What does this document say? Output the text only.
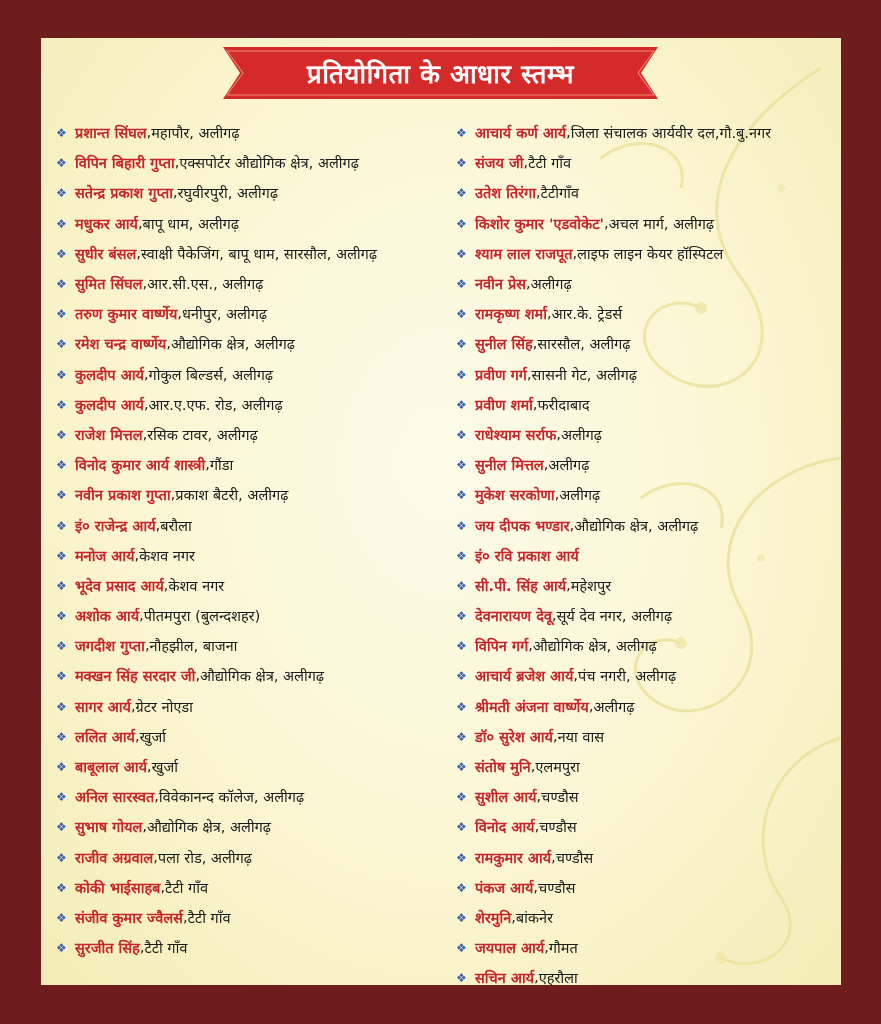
प्रतियोगिता के आधार स्तम्भ
❖ प्रशान्त सिंघल , महापौर, अलीगढ़
❖ विपिन बिहारी गुप्ता , एक्सपोर्टर औद्योगिक क्षेत्र, अलीगढ़
❖ सतेन्द्र प्रकाश गुप्ता , रघुवीरपुरी, अलीगढ़
❖ मधुकर आर्य , बापू धाम, अलीगढ़
❖ सुधीर बंसल , स्वाक्षी पैकेजिंग, बापू धाम, सारसौल, अलीगढ़
❖ सुमित सिंघल , आर.सी.एस., अलीगढ़
❖ तरुण कुमार वार्ष्णेय , धनीपुर, अलीगढ़
❖ रमेश चन्द्र वार्ष्णेय , औद्योगिक क्षेत्र, अलीगढ़
❖ कुलदीप आर्य , गोकुल बिल्डर्स, अलीगढ़
❖ कुलदीप आर्य , आर.ए.एफ. रोड, अलीगढ़
❖ राजेश मित्तल , रसिक टावर, अलीगढ़
❖ विनोद कुमार आर्य शास्त्री , गौंडा
❖ नवीन प्रकाश गुप्ता , प्रकाश बैटरी, अलीगढ़
❖ इं० राजेन्द्र आर्य , बरौला
❖ मनोज आर्य , केशव नगर
❖ भूदेव प्रसाद आर्य , केशव नगर
❖ अशोक आर्य , पीतमपुरा (बुलन्दशहर)
❖ जगदीश गुप्ता , नौहझील, बाजना
❖ मक्खन सिंह सरदार जी , औद्योगिक क्षेत्र, अलीगढ़
❖ सागर आर्य , ग्रेटर नोएडा
❖ ललित आर्य , खुर्जा
❖ बाबूलाल आर्य , खुर्जा
❖ अनिल सारस्वत , विवेकानन्द कॉलेज, अलीगढ़
❖ सुभाष गोयल , औद्योगिक क्षेत्र, अलीगढ़
❖ राजीव अग्रवाल , पला रोड, अलीगढ़
❖ कोकी भाईसाहब , टैटी गाँव
❖ संजीव कुमार ज्वैलर्स , टैटी गाँव
❖ सुरजीत सिंह , टैटी गाँव
❖ आचार्य कर्ण आर्य , जिला संचालक आर्यवीर दल,गौ.बु.नगर
❖ संजय जी , टैटी गाँव
❖ उतेश तिरंगा , टैटीगाँव
❖ किशोर कुमार 'एडवोकेट' , अचल मार्ग, अलीगढ़
❖ श्याम लाल राजपूत , लाइफ लाइन केयर हॉस्पिटल
❖ नवीन प्रेस , अलीगढ़
❖ रामकृष्ण शर्मा , आर.के. ट्रेडर्स
❖ सुनील सिंह , सारसौल, अलीगढ़
❖ प्रवीण गर्ग , सासनी गेट, अलीगढ़
❖ प्रवीण शर्मा , फरीदाबाद
❖ राधेश्याम सर्राफ , अलीगढ़
❖ सुनील मित्तल , अलीगढ़
❖ मुकेश सरकोणा , अलीगढ़
❖ जय दीपक भण्डार , औद्योगिक क्षेत्र, अलीगढ़
❖ इं० रवि प्रकाश आर्य
❖ सी.पी. सिंह आर्य , महेशपुर
❖ देवनारायण देवू , सूर्य देव नगर, अलीगढ़
❖ विपिन गर्ग , औद्योगिक क्षेत्र, अलीगढ़
❖ आचार्य ब्रजेश आर्य , पंच नगरी, अलीगढ़
❖ श्रीमती अंजना वार्ष्णेय , अलीगढ़
❖ डॉ० सुरेश आर्य , नया वास
❖ संतोष मुनि , एलमपुरा
❖ सुशील आर्य , चण्डौस
❖ विनोद आर्य , चण्डौस
❖ रामकुमार आर्य , चण्डौस
❖ पंकज आर्य , चण्डौस
❖ शेरमुनि , बांकनेर
❖ जयपाल आर्य , गौमत
❖ सचिन आर्य , एहरौला
